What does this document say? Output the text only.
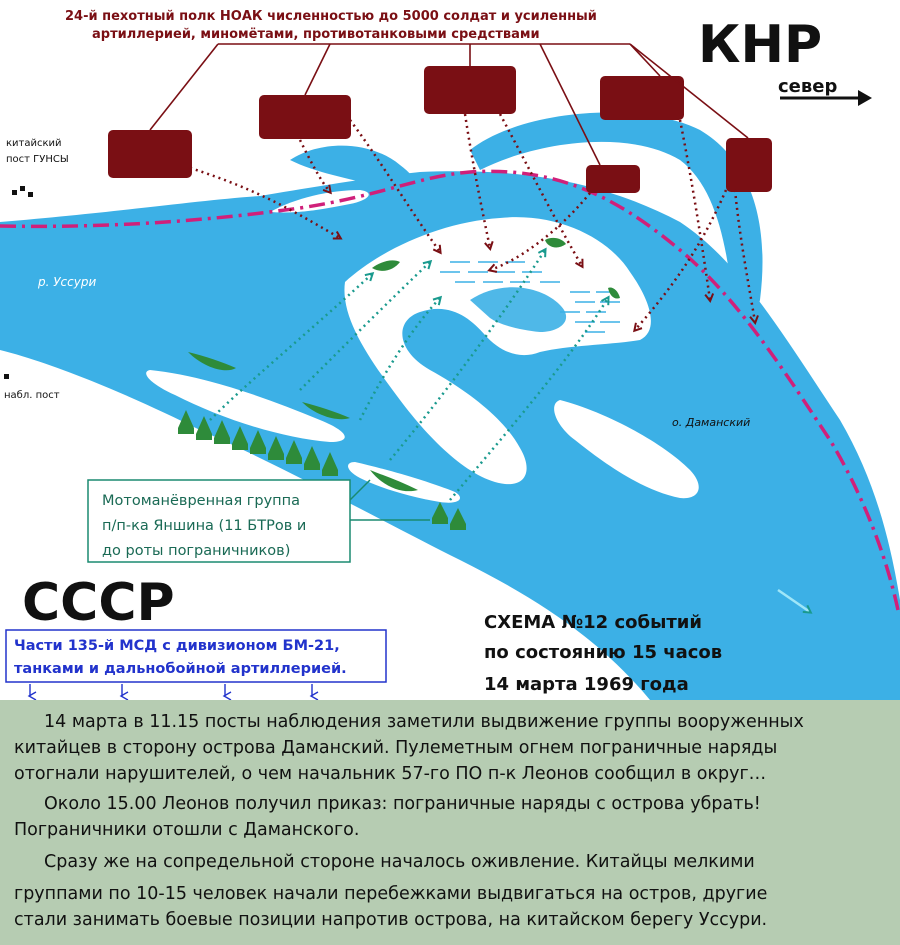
24-й пехотный полк НОАК численностью до 5000 солдат и усиленный
артиллерией, миномётами, противотанковыми средствами	КНР
север
китайский
пост ГУНСЫ
р. Уссури
набл. пост
о. Даманский
Мотоманёвренная группа
п/п-ка Яншина (11 БТРов и
до роты пограничников)
СССР
Части 135-й МСД с дивизионом БМ-21,
танками и дальнобойной артиллерией.
СХЕМА №12 событий
по состоянию 15 часов
14 марта 1969 года

14 марта в 11.15 посты наблюдения заметили выдвижение группы вооруженных

китайцев в сторону острова Даманский. Пулеметным огнем пограничные наряды

отогнали нарушителей, о чем начальник 57-го ПО п-к Леонов сообщил в округ…

Около 15.00 Леонов получил приказ: пограничные наряды с острова убрать!

Пограничники отошли с Даманского.

Сразу же на сопредельной стороне началось оживление. Китайцы мелкими

группами по 10-15 человек начали перебежками выдвигаться на остров, другие

стали занимать боевые позиции напротив острова, на китайском берегу Уссури.
